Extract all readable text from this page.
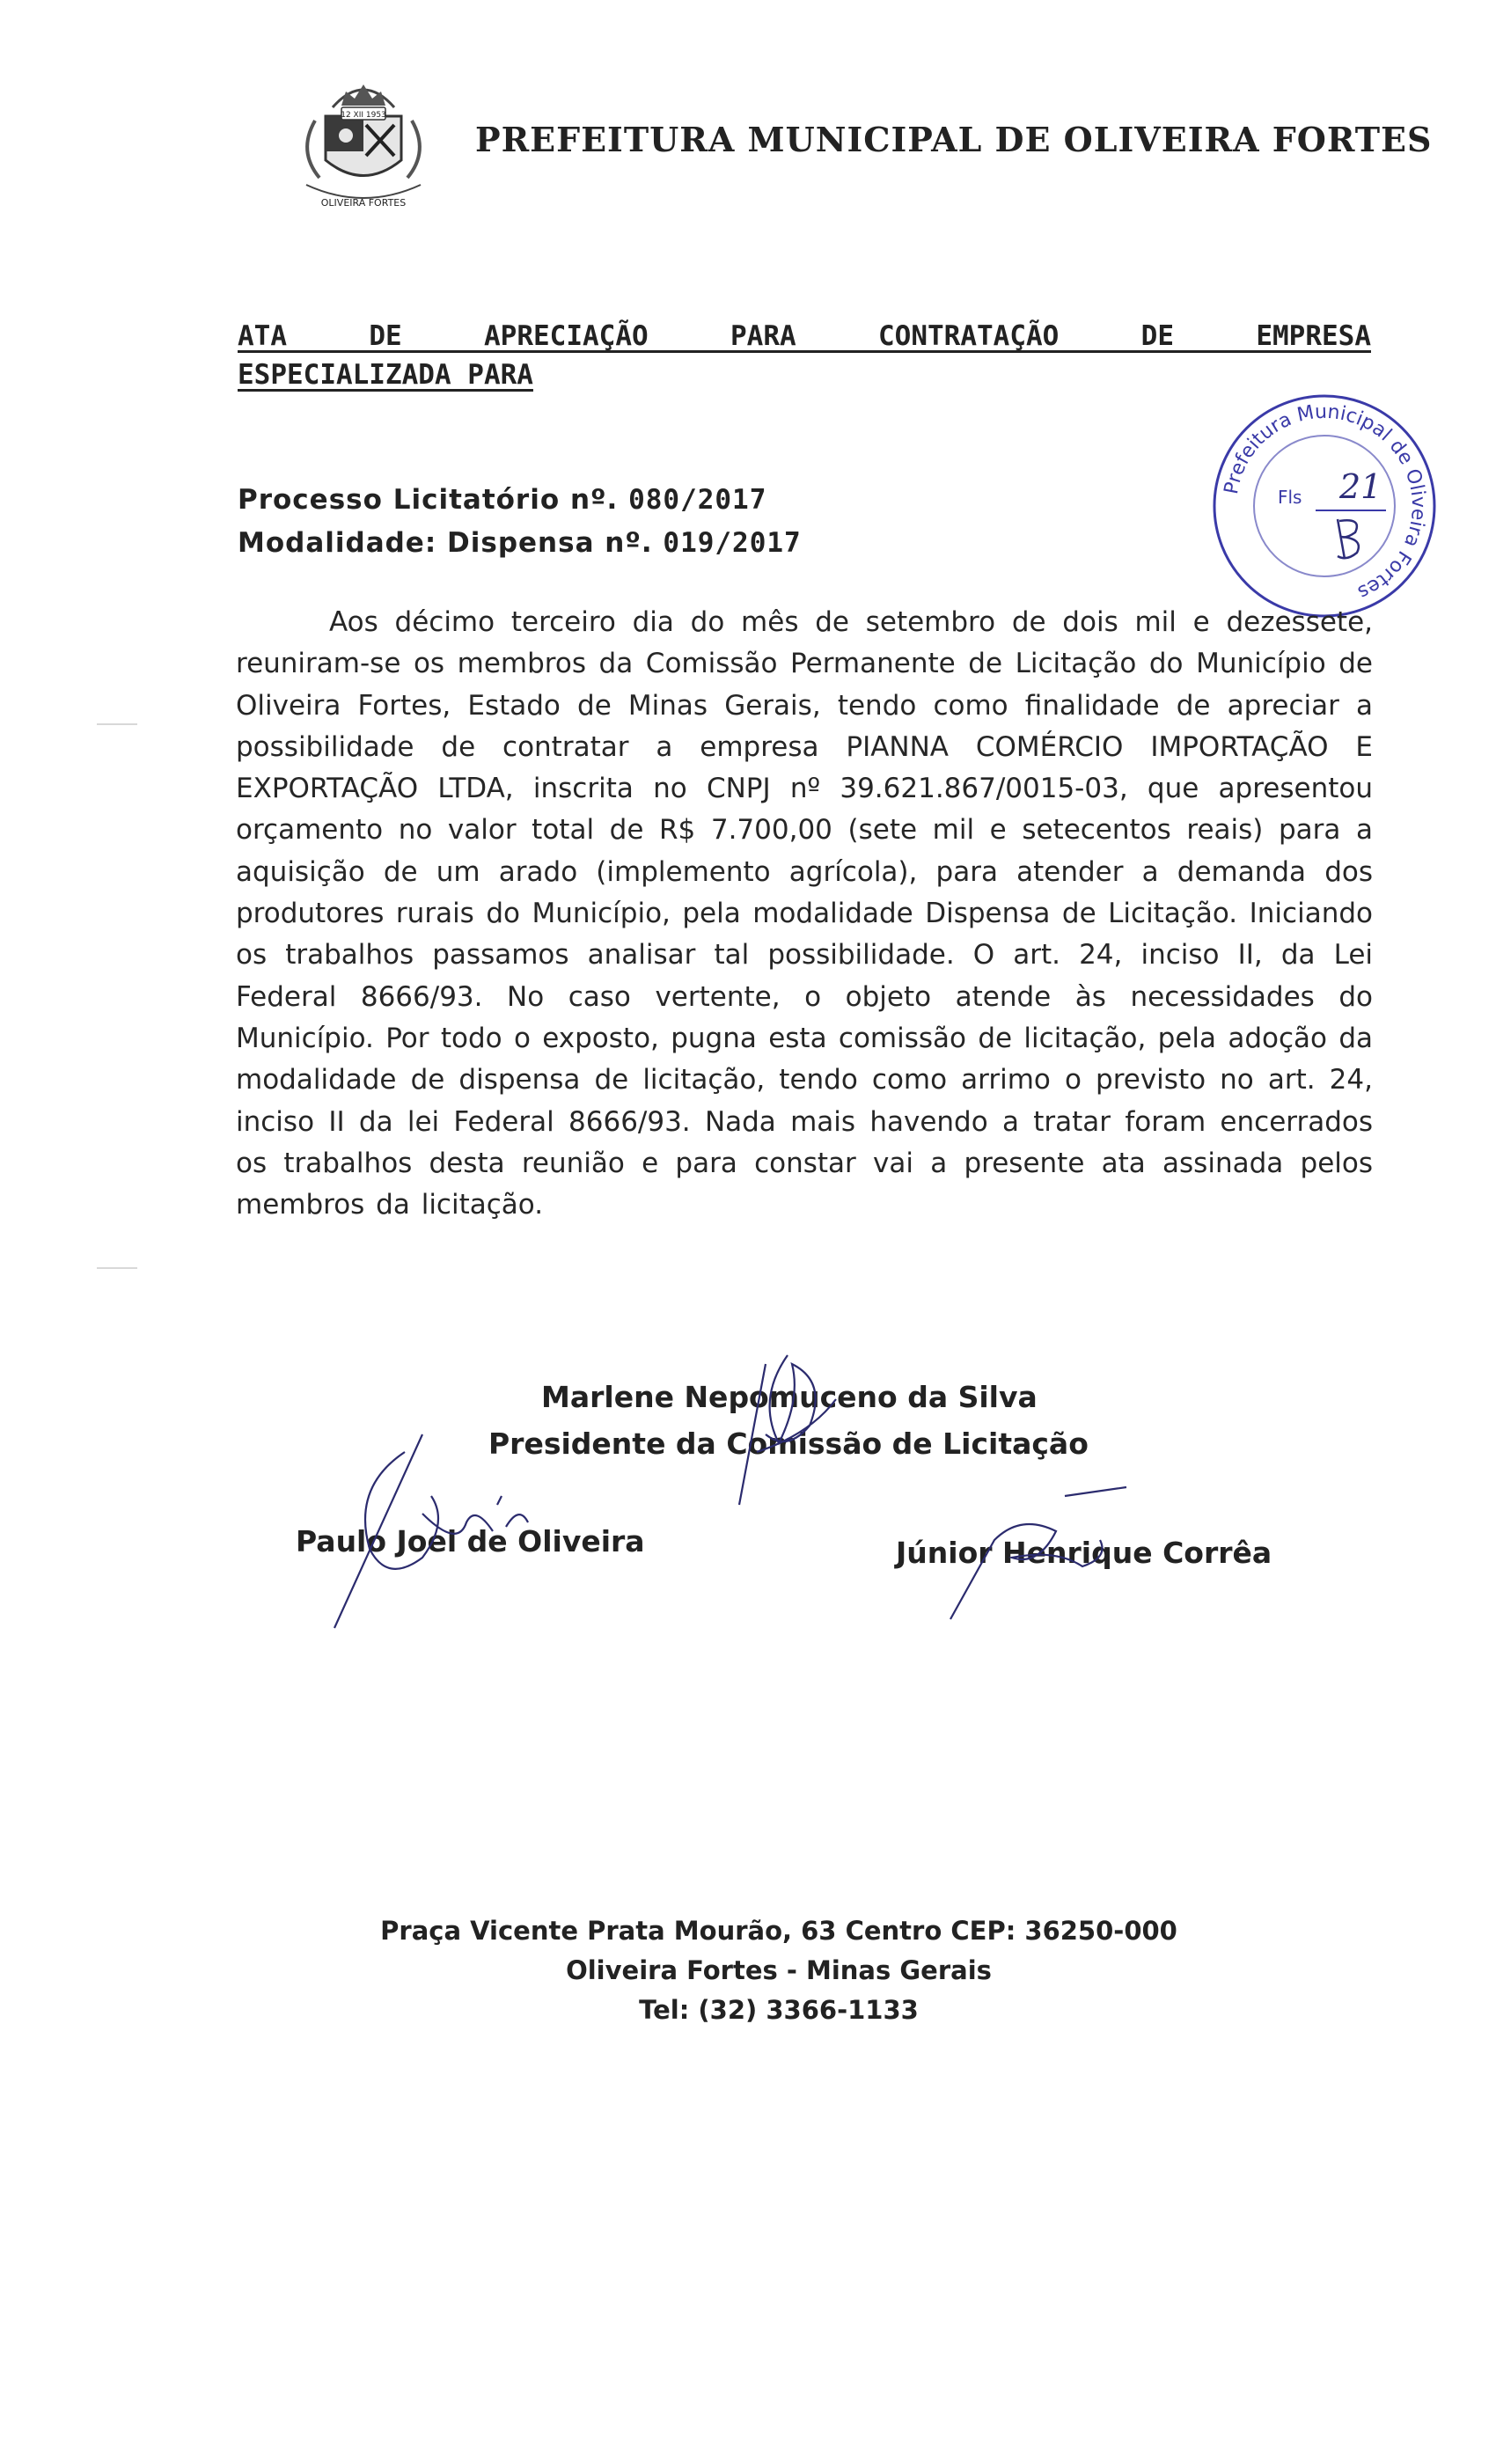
12 XII 1953
OLIVEIRA FORTES
PREFEITURA MUNICIPAL DE OLIVEIRA FORTES
ATA DE APRECIAÇÃO PARA CONTRATAÇÃO DE EMPRESA
ESPECIALIZADA PARA
Processo Licitatório nº. 080/2017
Modalidade: Dispensa nº. 019/2017
Prefeitura Municipal de Oliveira Fortes
Fls 21

Aos décimo terceiro dia do mês de setembro de dois mil e dezessete, reuniram-se os membros da Comissão Permanente de Licitação do Município de Oliveira Fortes, Estado de Minas Gerais, tendo como finalidade de apreciar a possibilidade de contratar a empresa PIANNA COMÉRCIO IMPORTAÇÃO E EXPORTAÇÃO LTDA, inscrita no CNPJ nº 39.621.867/0015-03, que apresentou orçamento no valor total de R$ 7.700,00 (sete mil e setecentos reais) para a aquisição de um arado (implemento agrícola), para atender a demanda dos produtores rurais do Município, pela modalidade Dispensa de Licitação. Iniciando os trabalhos passamos analisar tal possibilidade. O art. 24, inciso II, da Lei Federal 8666/93. No caso vertente, o objeto atende às necessidades do Município. Por todo o exposto, pugna esta comissão de licitação, pela adoção da modalidade de dispensa de licitação, tendo como arrimo o previsto no art. 24, inciso II da lei Federal 8666/93. Nada mais havendo a tratar foram encerrados os trabalhos desta reunião e para constar vai a presente ata assinada pelos membros da licitação.

Marlene Nepomuceno da Silva
Presidente da Comissão de Licitação
Paulo Joel de Oliveira	Júnior Henrique Corrêa
Praça Vicente Prata Mourão, 63 Centro CEP: 36250-000
Oliveira Fortes - Minas Gerais
Tel: (32) 3366-1133
